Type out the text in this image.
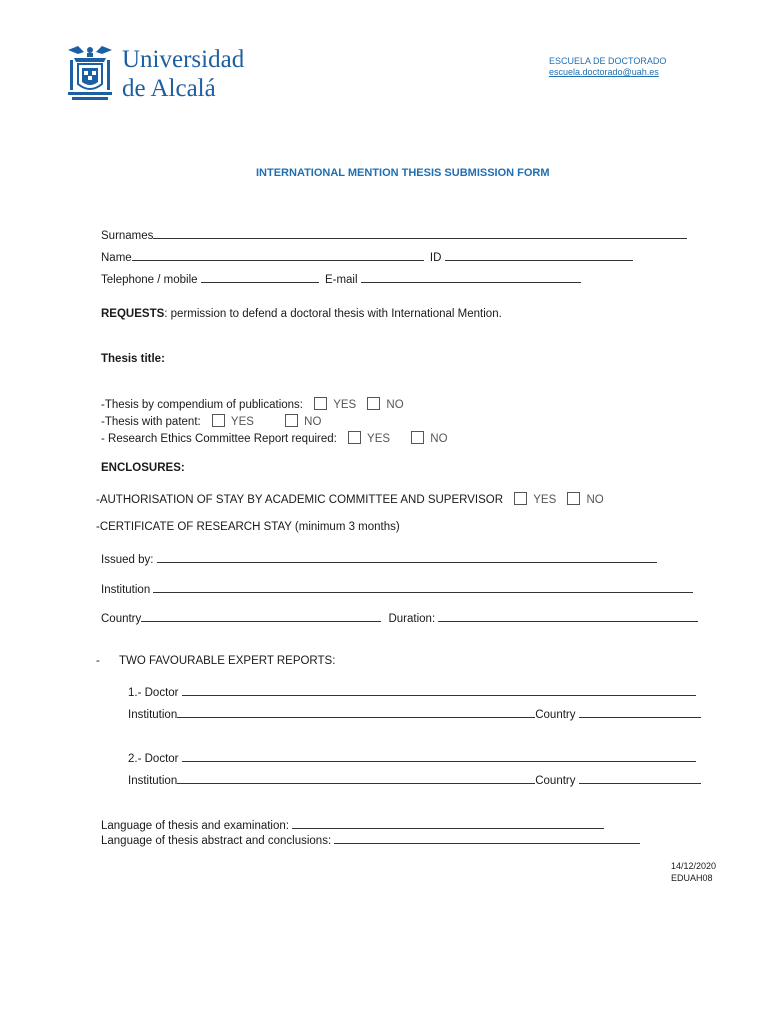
Universidad
de Alcalá
ESCUELA DE DOCTORADO
escuela.doctorado@uah.es
INTERNATIONAL MENTION THESIS SUBMISSION FORM
Surnames
Name	ID
Telephone / mobile	E-mail
REQUESTS: permission to defend a doctoral thesis with International Mention.
Thesis title:
-Thesis by compendium of publications:	YES	NO
-Thesis with patent:	YES	NO
- Research Ethics Committee Report required:	YES	NO
ENCLOSURES:
-AUTHORISATION OF STAY BY ACADEMIC COMMITTEE AND SUPERVISOR	YES	NO
-CERTIFICATE OF RESEARCH STAY (minimum 3 months)
Issued by:
Institution
Country	Duration:
- TWO FAVOURABLE EXPERT REPORTS:
1.- Doctor
Institution	Country
2.- Doctor
Institution	Country
Language of thesis and examination:
Language of thesis abstract and conclusions:
14/12/2020
EDUAH08
